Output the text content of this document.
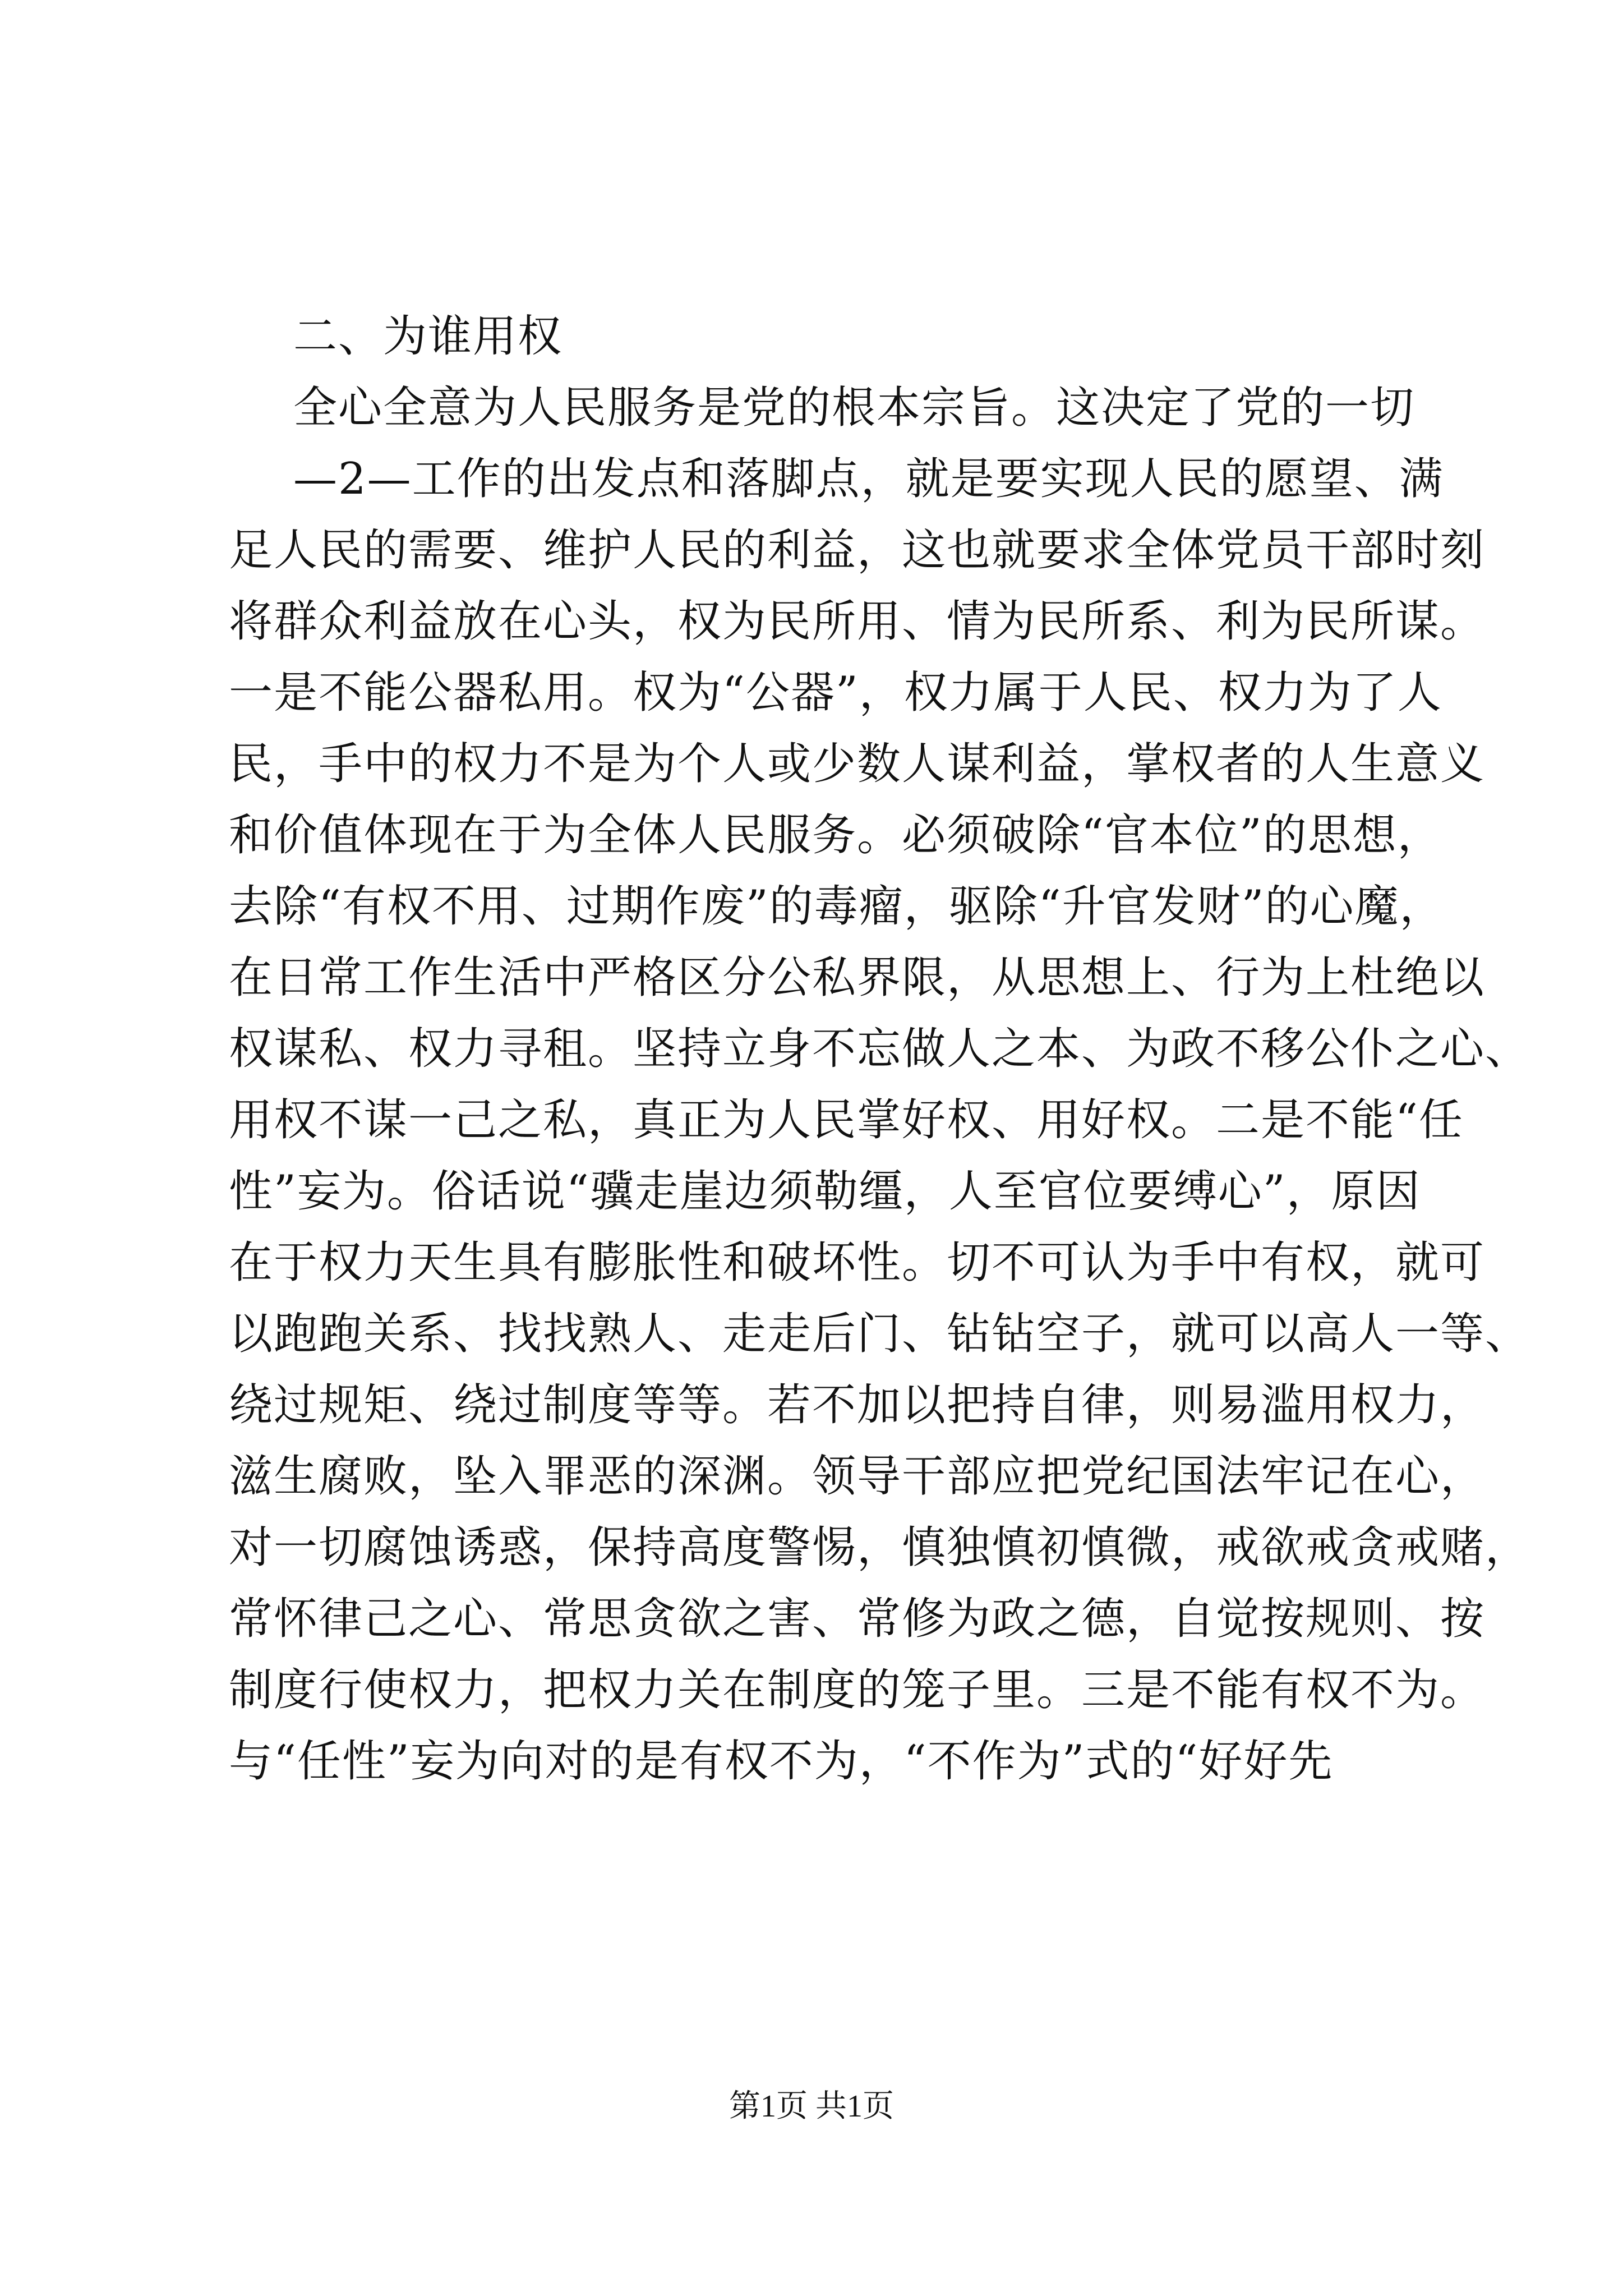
二、为谁用权
全心全意为人民服务是党的根本宗旨。这决定了党的一切
—2—工作的出发点和落脚点，就是要实现人民的愿望、满
足人民的需要、维护人民的利益，这也就要求全体党员干部时刻
将群众利益放在心头，权为民所用、情为民所系、利为民所谋。
一是不能公器私用。权为“公器”，权力属于人民、权力为了人
民，手中的权力不是为个人或少数人谋利益，掌权者的人生意义
和价值体现在于为全体人民服务。必须破除“官本位”的思想，
去除“有权不用、过期作废”的毒瘤，驱除“升官发财”的心魔，
在日常工作生活中严格区分公私界限，从思想上、行为上杜绝以
权谋私、权力寻租。坚持立身不忘做人之本、为政不移公仆之心、
用权不谋一己之私，真正为人民掌好权、用好权。二是不能“任
性”妄为。俗话说“骥走崖边须勒缰，人至官位要缚心”，原因
在于权力天生具有膨胀性和破坏性。切不可认为手中有权，就可
以跑跑关系、找找熟人、走走后门、钻钻空子，就可以高人一等、
绕过规矩、绕过制度等等。若不加以把持自律，则易滥用权力，
滋生腐败，坠入罪恶的深渊。领导干部应把党纪国法牢记在心，
对一切腐蚀诱惑，保持高度警惕，慎独慎初慎微，戒欲戒贪戒赌，
常怀律己之心、常思贪欲之害、常修为政之德，自觉按规则、按
制度行使权力，把权力关在制度的笼子里。三是不能有权不为。
与“任性”妄为向对的是有权不为，“不作为”式的“好好先
第1页 共1页
